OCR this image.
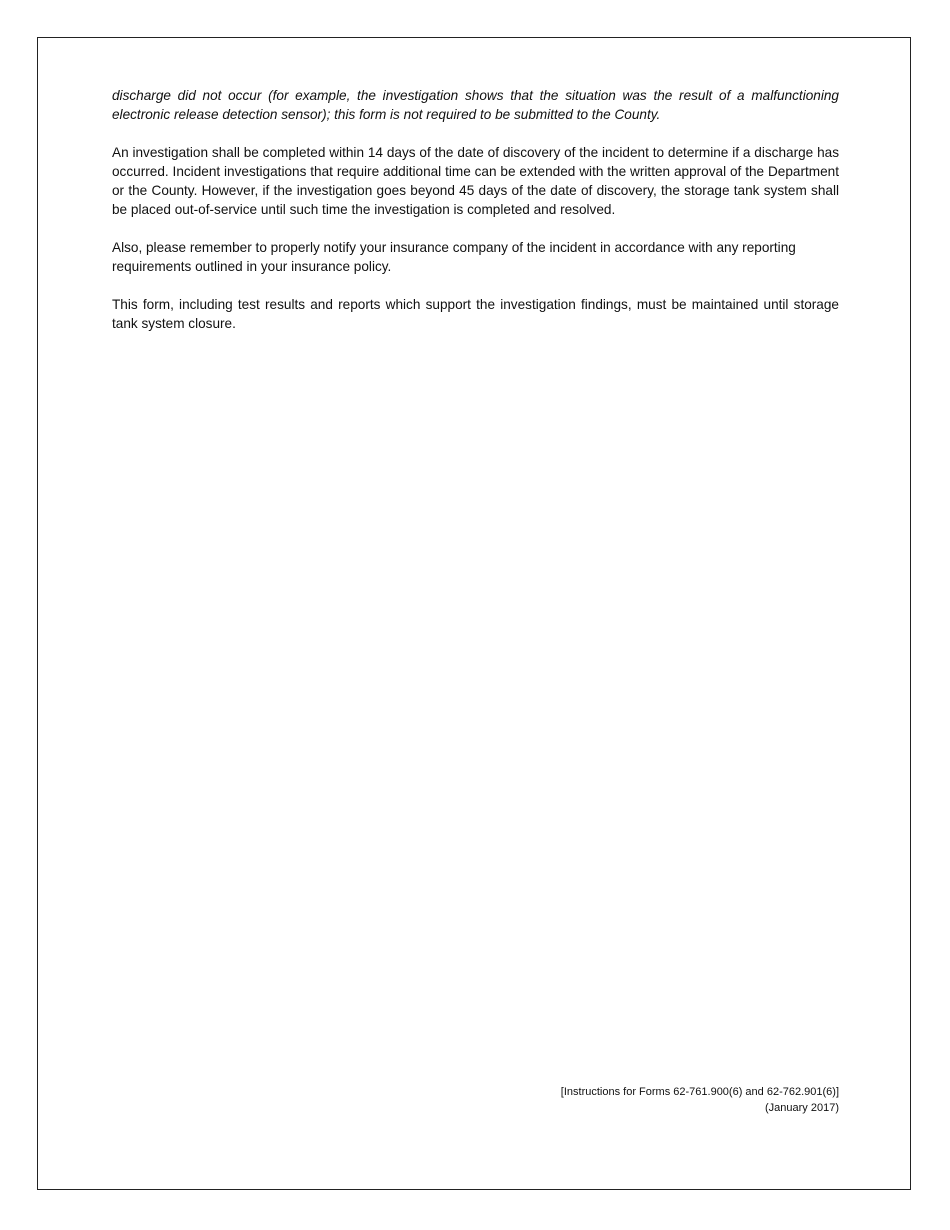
discharge did not occur (for example, the investigation shows that the situation was the result of a malfunctioning electronic release detection sensor); this form is not required to be submitted to the County.

An investigation shall be completed within 14 days of the date of discovery of the incident to determine if a discharge has occurred. Incident investigations that require additional time can be extended with the written approval of the Department or the County. However, if the investigation goes beyond 45 days of the date of discovery, the storage tank system shall be placed out-of-service until such time the investigation is completed and resolved.

Also, please remember to properly notify your insurance company of the incident in accordance with any reporting requirements outlined in your insurance policy.

This form, including test results and reports which support the investigation findings, must be maintained until storage tank system closure.

[Instructions for Forms 62-761.900(6) and 62-762.901(6)]
(January 2017)
